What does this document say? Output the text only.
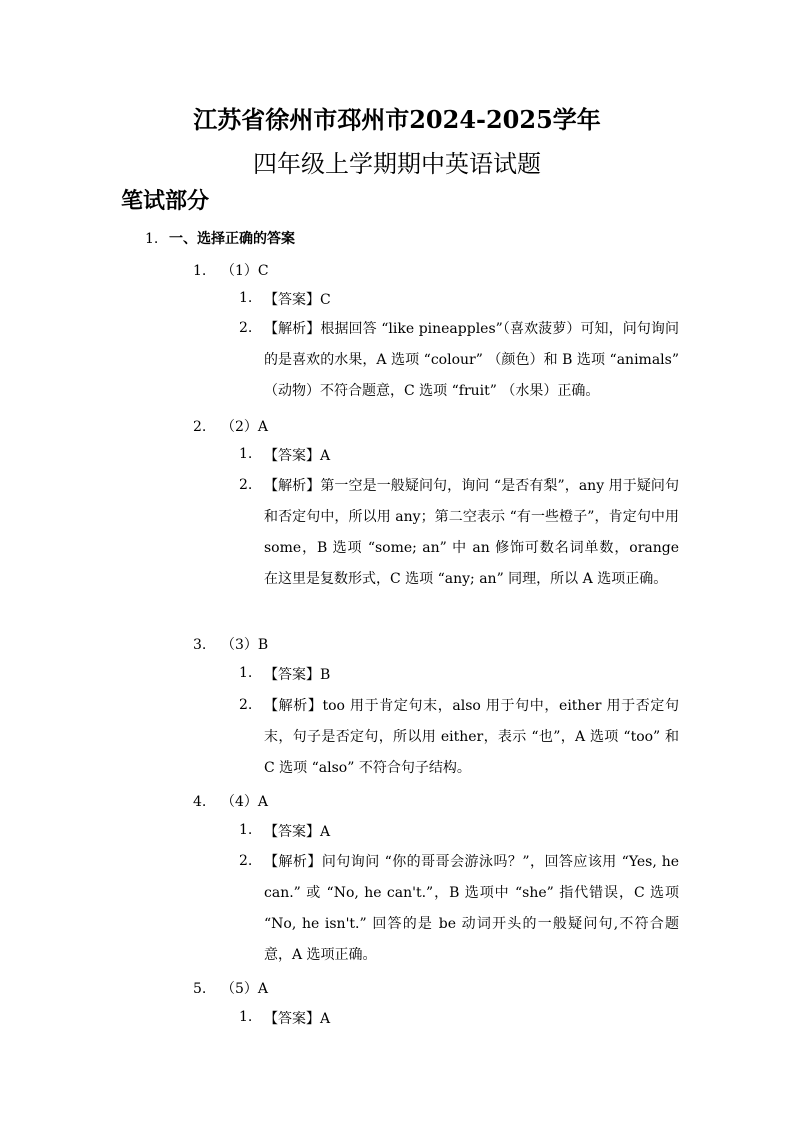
江苏省徐州市邳州市2024-2025学年
四年级上学期期中英语试题
笔试部分
1. 一、选择正确的答案
1. （1）C
1. 【答案】C
2. 【解析】根据回答 “like pineapples”（喜欢菠萝）可知，问句询问的是喜欢的水果，A 选项 “colour” （颜色）和 B 选项 “animals” （动物）不符合题意，C 选项 “fruit” （水果）正确。
2. （2）A
1. 【答案】A
2. 【解析】第一空是一般疑问句，询问 “是否有梨”，any 用于疑问句和否定句中，所以用 any；第二空表示 “有一些橙子”，肯定句中用 some，B 选项 “some; an” 中 an 修饰可数名词单数，orange 在这里是复数形式，C 选项 “any; an” 同理，所以 A 选项正确。
3. （3）B
1. 【答案】B
2. 【解析】too 用于肯定句末，also 用于句中，either 用于否定句末，句子是否定句，所以用 either，表示 “也”，A 选项 “too” 和 C 选项 “also” 不符合句子结构。
4. （4）A
1. 【答案】A
2. 【解析】问句询问 “你的哥哥会游泳吗？”，回答应该用 “Yes, he can.” 或 “No, he can't.”，B 选项中 “she” 指代错误，C 选项 “No, he isn't.” 回答的是 be 动词开头的一般疑问句,不符合题意，A 选项正确。
5. （5）A
1. 【答案】A
